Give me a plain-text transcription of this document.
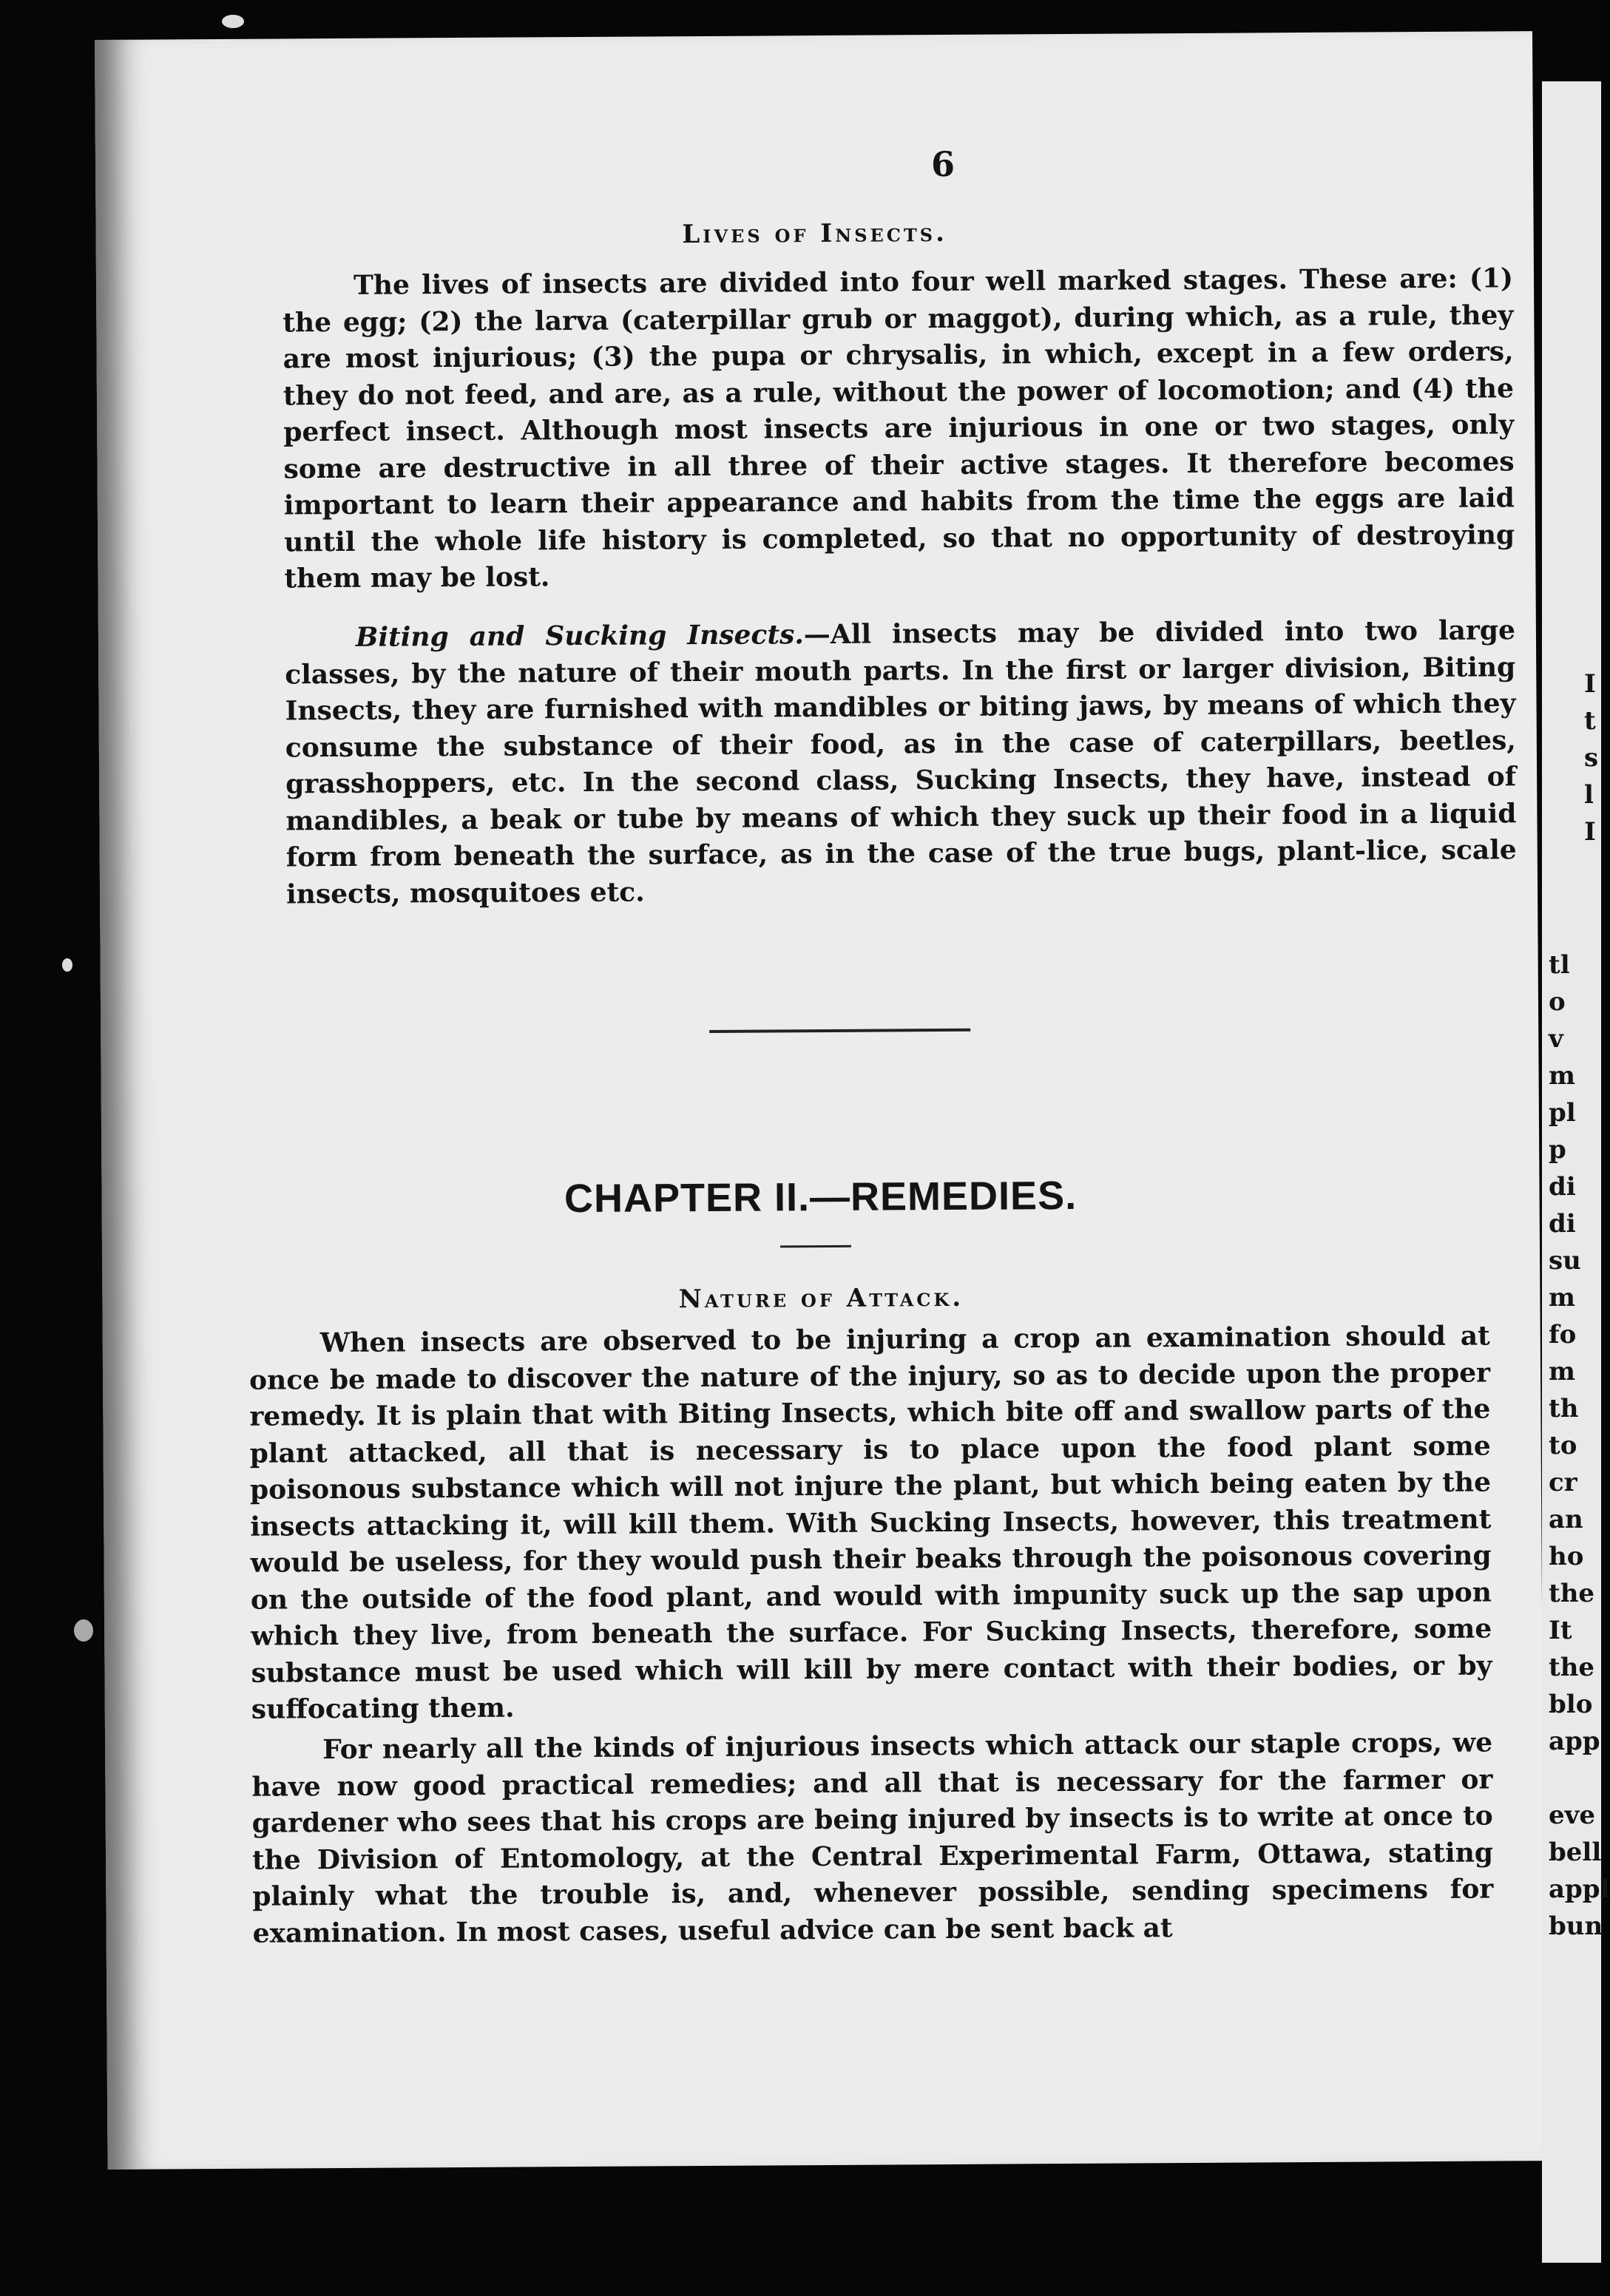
6
Lives of Insects.

The lives of insects are divided into four well marked stages. These are: (1) the egg; (2) the larva (caterpillar grub or maggot), during which, as a rule, they are most injurious; (3) the pupa or chrysalis, in which, except in a few orders, they do not feed, and are, as a rule, without the power of locomotion; and (4) the perfect insect. Although most insects are injurious in one or two stages, only some are destructive in all three of their active stages. It therefore becomes important to learn their appearance and habits from the time the eggs are laid until the whole life history is completed, so that no opportunity of destroying them may be lost.

Biting and Sucking Insects.—All insects may be divided into two large classes, by the nature of their mouth parts. In the first or larger division, Biting Insects, they are furnished with mandibles or biting jaws, by means of which they consume the substance of their food, as in the case of caterpillars, beetles, grasshoppers, etc. In the second class, Sucking Insects, they have, instead of mandibles, a beak or tube by means of which they suck up their food in a liquid form from beneath the surface, as in the case of the true bugs, plant-lice, scale insects, mosquitoes etc.

CHAPTER II.—REMEDIES.
Nature of Attack.

When insects are observed to be injuring a crop an examination should at once be made to discover the nature of the injury, so as to decide upon the proper remedy. It is plain that with Biting Insects, which bite off and swallow parts of the plant attacked, all that is necessary is to place upon the food plant some poisonous substance which will not injure the plant, but which being eaten by the insects attacking it, will kill them. With Sucking Insects, however, this treatment would be useless, for they would push their beaks through the poisonous covering on the outside of the food plant, and would with impunity suck up the sap upon which they live, from beneath the surface. For Sucking Insects, therefore, some substance must be used which will kill by mere contact with their bodies, or by suffocating them.

For nearly all the kinds of injurious insects which attack our staple crops, we have now good practical remedies; and all that is necessary for the farmer or gardener who sees that his crops are being injured by insects is to write at once to the Division of Entomology, at the Central Experimental Farm, Ottawa, stating plainly what the trouble is, and, whenever possible, sending specimens for examination. In most cases, useful advice can be sent back at

I
t
s
l
I
tl
o
v
m
pl
p
di
di
su
m
fo
m
th
to
cr
an
ho
the
It
the
blo
app
eve
bell
appl
bun
